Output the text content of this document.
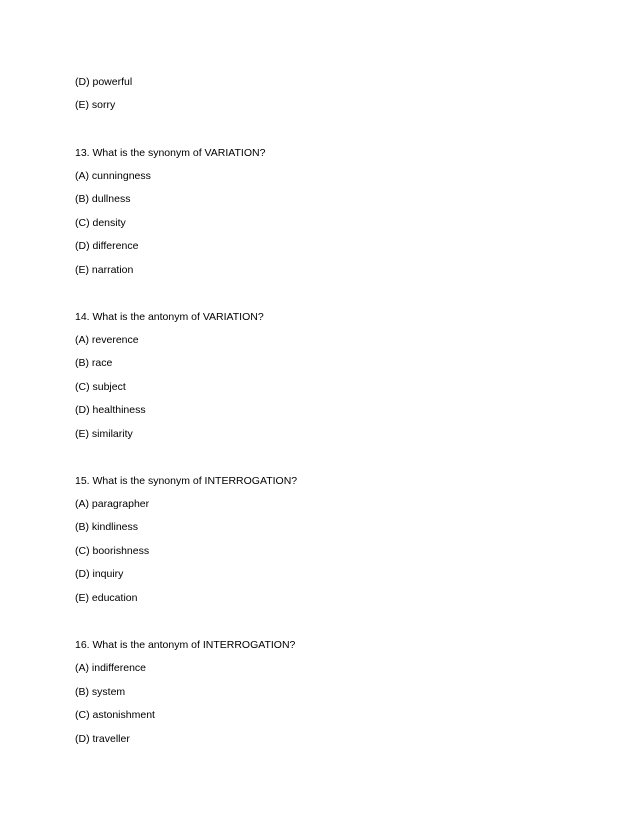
(D) powerful
(E) sorry
13. What is the synonym of VARIATION?
(A) cunningness
(B) dullness
(C) density
(D) difference
(E) narration
14. What is the antonym of VARIATION?
(A) reverence
(B) race
(C) subject
(D) healthiness
(E) similarity
15. What is the synonym of INTERROGATION?
(A) paragrapher
(B) kindliness
(C) boorishness
(D) inquiry
(E) education
16. What is the antonym of INTERROGATION?
(A) indifference
(B) system
(C) astonishment
(D) traveller
